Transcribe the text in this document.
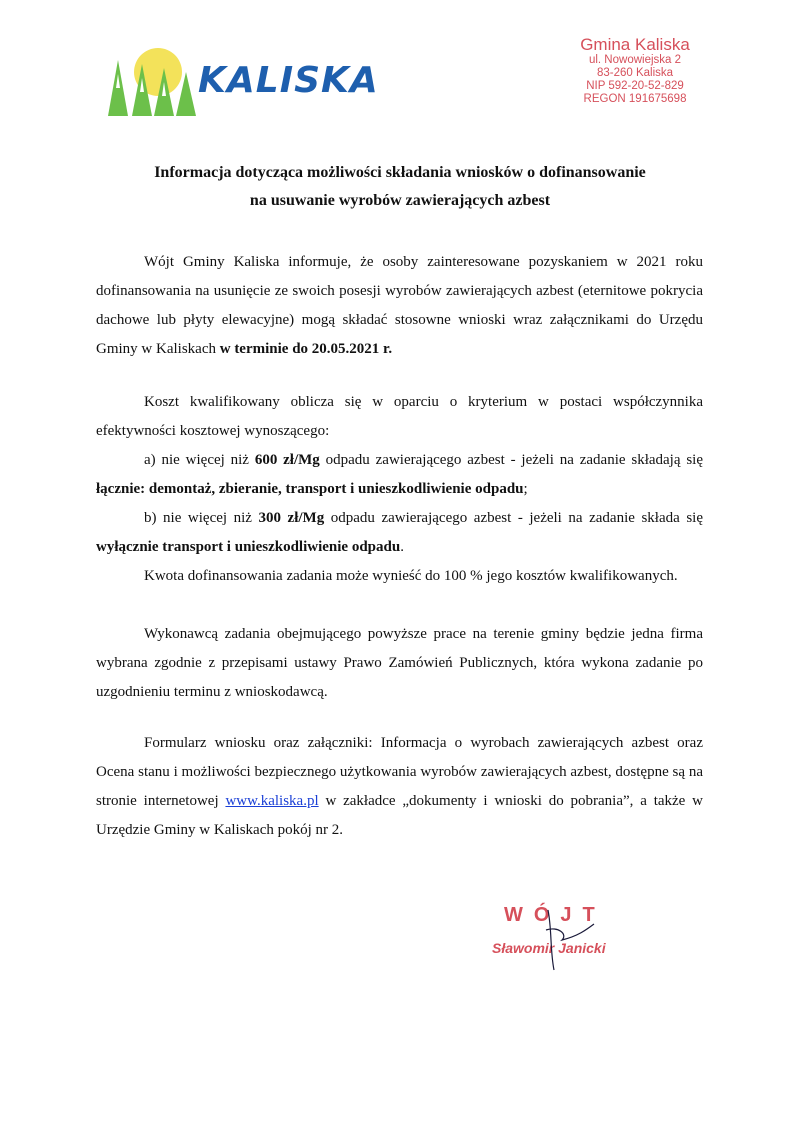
KALISKA
Gmina Kaliska
ul. Nowowiejska 2
83-260 Kaliska
NIP 592-20-52-829
REGON 191675698
Informacja dotycząca możliwości składania wniosków o dofinansowanie
na usuwanie wyrobów zawierających azbest

Wójt Gminy Kaliska informuje, że osoby zainteresowane pozyskaniem w 2021 roku dofinansowania na usunięcie ze swoich posesji wyrobów zawierających azbest (eternitowe pokrycia dachowe lub płyty elewacyjne) mogą składać stosowne wnioski wraz załącznikami do Urzędu Gminy w Kaliskach w terminie do 20.05.2021 r.

Koszt kwalifikowany oblicza się w oparciu o kryterium w postaci współczynnika efektywności kosztowej wynoszącego:

a) nie więcej niż 600 zł/Mg odpadu zawierającego azbest - jeżeli na zadanie składają się łącznie: demontaż, zbieranie, transport i unieszkodliwienie odpadu;

b) nie więcej niż 300 zł/Mg odpadu zawierającego azbest - jeżeli na zadanie składa się wyłącznie transport i unieszkodliwienie odpadu.

Kwota dofinansowania zadania może wynieść do 100 % jego kosztów kwalifikowanych.

Wykonawcą zadania obejmującego powyższe prace na terenie gminy będzie jedna firma wybrana zgodnie z przepisami ustawy Prawo Zamówień Publicznych, która wykona zadanie po uzgodnieniu terminu z wnioskodawcą.

Formularz wniosku oraz załączniki: Informacja o wyrobach zawierających azbest oraz Ocena stanu i możliwości bezpiecznego użytkowania wyrobów zawierających azbest, dostępne są na stronie internetowej www.kaliska.pl w zakładce „dokumenty i wnioski do pobrania”, a także w Urzędzie Gminy w Kaliskach pokój nr 2.

WÓJT
Sławomir Janicki
